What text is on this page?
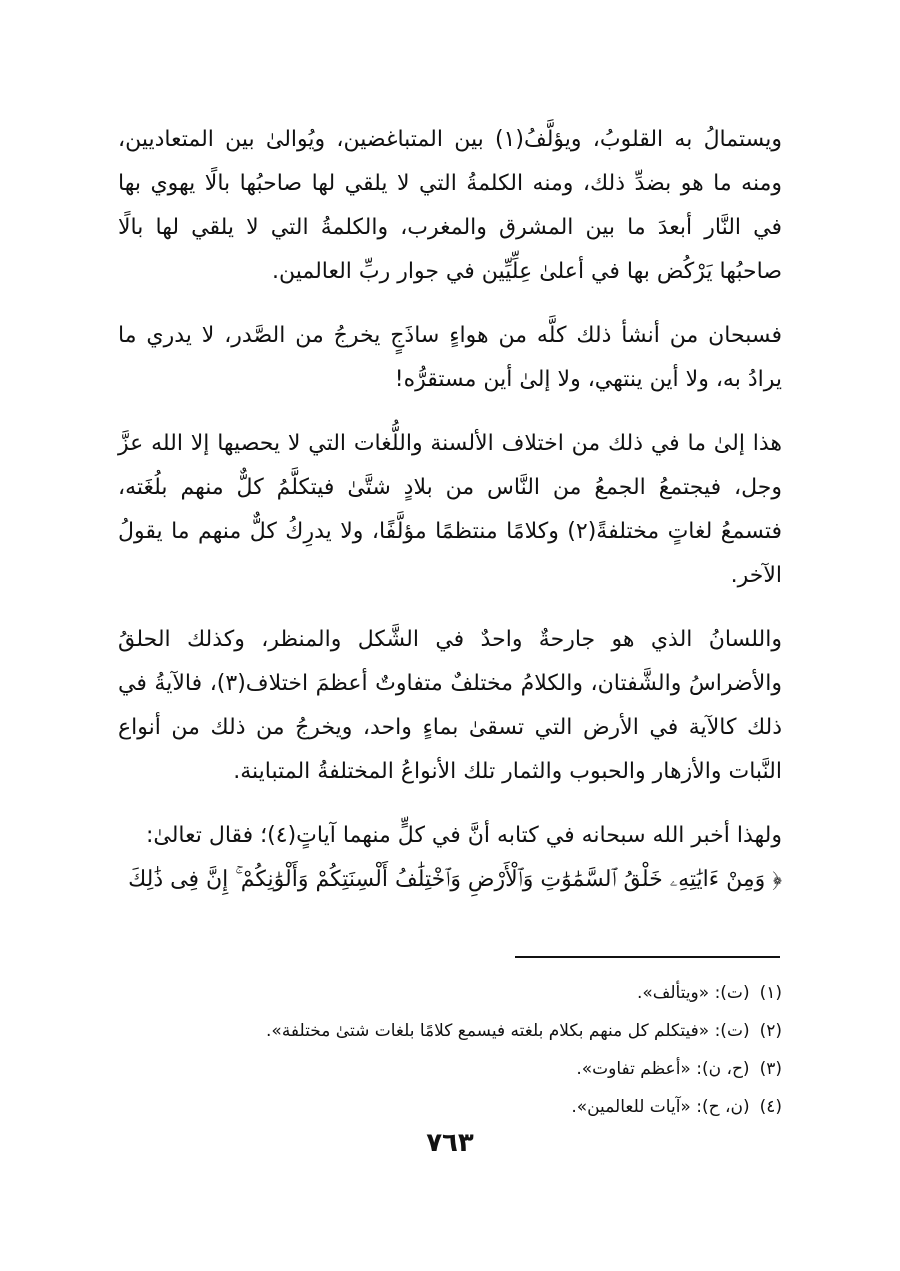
ويستمالُ به القلوبُ، ويؤلَّفُ(١) بين المتباغضين، ويُوالىٰ بين المتعاديين، ومنه ما هو بضدِّ ذلك، ومنه الكلمةُ التي لا يلقي لها صاحبُها بالًا يهوي بها في النَّار أبعدَ ما بين المشرق والمغرب، والكلمةُ التي لا يلقي لها بالًا صاحبُها يَرْكُض بها في أعلىٰ عِلِّيِّين في جوار ربِّ العالمين.

فسبحان من أنشأ ذلك كلَّه من هواءٍ ساذَجٍ يخرجُ من الصَّدر، لا يدري ما يرادُ به، ولا أين ينتهي، ولا إلىٰ أين مستقرُّه!

هذا إلىٰ ما في ذلك من اختلاف الألسنة واللُّغات التي لا يحصيها إلا الله عزَّ وجل، فيجتمعُ الجمعُ من النَّاس من بلادٍ شتَّىٰ فيتكلَّمُ كلٌّ منهم بلُغَته، فتسمعُ لغاتٍ مختلفةً(٢) وكلامًا منتظمًا مؤلَّفًا، ولا يدرِكُ كلٌّ منهم ما يقولُ الآخر.

واللسانُ الذي هو جارحةٌ واحدٌ في الشَّكل والمنظر، وكذلك الحلقُ والأضراسُ والشَّفتان، والكلامُ مختلفٌ متفاوتٌ أعظمَ اختلاف(٣)، فالآيةُ في ذلك كالآية في الأرض التي تسقىٰ بماءٍ واحد، ويخرجُ من ذلك من أنواع النَّبات والأزهار والحبوب والثمار تلك الأنواعُ المختلفةُ المتباينة.

ولهذا أخبر الله سبحانه في كتابه أنَّ في كلٍّ منهما آياتٍ(٤)؛ فقال تعالىٰ:

﴿ وَمِنْ ءَايَٰتِهِۦ خَلْقُ ٱلسَّمَٰوَٰتِ وَٱلْأَرْضِ وَٱخْتِلَٰفُ أَلْسِنَتِكُمْ وَأَلْوَٰنِكُمْ ۚ إِنَّ فِى ذَٰلِكَ

(١)(ت): «ويتألف».
(٢)(ت): «فيتكلم كل منهم بكلام بلغته فيسمع كلامًا بلغات شتىٰ مختلفة».
(٣)(ح، ن): «أعظم تفاوت».
(٤)(ن، ح): «آيات للعالمين».
٧٦٣
